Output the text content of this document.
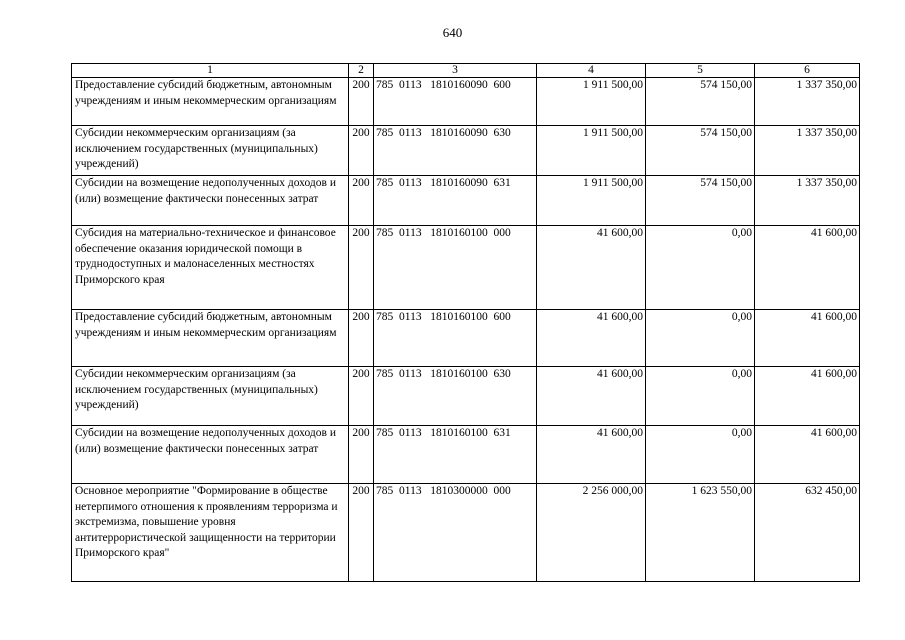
640
1	2	3	4	5	6
Предоставление субсидий бюджетным, автономным учреждениям и иным некоммерческим организациям	200	785  0113   1810160090  600	1 911 500,00	574 150,00	1 337 350,00
Субсидии некоммерческим организациям (за исключением государственных (муниципальных) учреждений)	200	785  0113   1810160090  630	1 911 500,00	574 150,00	1 337 350,00
Субсидии на возмещение недополученных доходов и (или) возмещение фактически понесенных затрат	200	785  0113   1810160090  631	1 911 500,00	574 150,00	1 337 350,00
Субсидия на материально-техническое и финансовое обеспечение оказания юридической помощи в труднодоступных и малонаселенных местностях Приморского края	200	785  0113   1810160100  000	41 600,00	0,00	41 600,00
Предоставление субсидий бюджетным, автономным учреждениям и иным некоммерческим организациям	200	785  0113   1810160100  600	41 600,00	0,00	41 600,00
Субсидии некоммерческим организациям (за исключением государственных (муниципальных) учреждений)	200	785  0113   1810160100  630	41 600,00	0,00	41 600,00
Субсидии на возмещение недополученных доходов и (или) возмещение фактически понесенных затрат	200	785  0113   1810160100  631	41 600,00	0,00	41 600,00
Основное мероприятие "Формирование в обществе нетерпимого отношения к проявлениям терроризма и экстремизма, повышение уровня антитеррористической защищенности на территории Приморского края"	200	785  0113   1810300000  000	2 256 000,00	1 623 550,00	632 450,00
